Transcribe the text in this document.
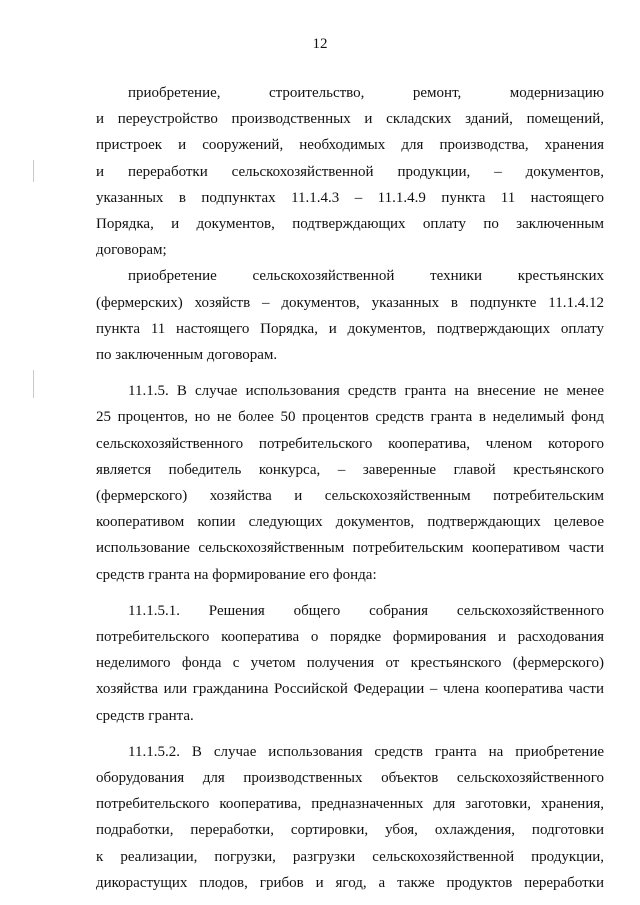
12
приобретение, строительство, ремонт, модернизацию
и переустройство производственных и складских зданий, помещений,
пристроек и сооружений, необходимых для производства, хранения
и переработки сельскохозяйственной продукции, – документов,
указанных в подпунктах 11.1.4.3 – 11.1.4.9 пункта 11 настоящего
Порядка, и документов, подтверждающих оплату по заключенным
договорам;
приобретение сельскохозяйственной техники крестьянских
(фермерских) хозяйств – документов, указанных в подпункте 11.1.4.12
пункта 11 настоящего Порядка, и документов, подтверждающих оплату
по заключенным договорам.
11.1.5. В случае использования средств гранта на внесение не менее
25 процентов, но не более 50 процентов средств гранта в неделимый фонд
сельскохозяйственного потребительского кооператива, членом которого
является победитель конкурса, – заверенные главой крестьянского
(фермерского) хозяйства и сельскохозяйственным потребительским
кооперативом копии следующих документов, подтверждающих целевое
использование сельскохозяйственным потребительским кооперативом части
средств гранта на формирование его фонда:
11.1.5.1. Решения общего собрания сельскохозяйственного
потребительского кооператива о порядке формирования и расходования
неделимого фонда с учетом получения от крестьянского (фермерского)
хозяйства или гражданина Российской Федерации – члена кооператива части
средств гранта.
11.1.5.2. В случае использования средств гранта на приобретение
оборудования для производственных объектов сельскохозяйственного
потребительского кооператива, предназначенных для заготовки, хранения,
подработки, переработки, сортировки, убоя, охлаждения, подготовки
к реализации, погрузки, разгрузки сельскохозяйственной продукции,
дикорастущих плодов, грибов и ягод, а также продуктов переработки
